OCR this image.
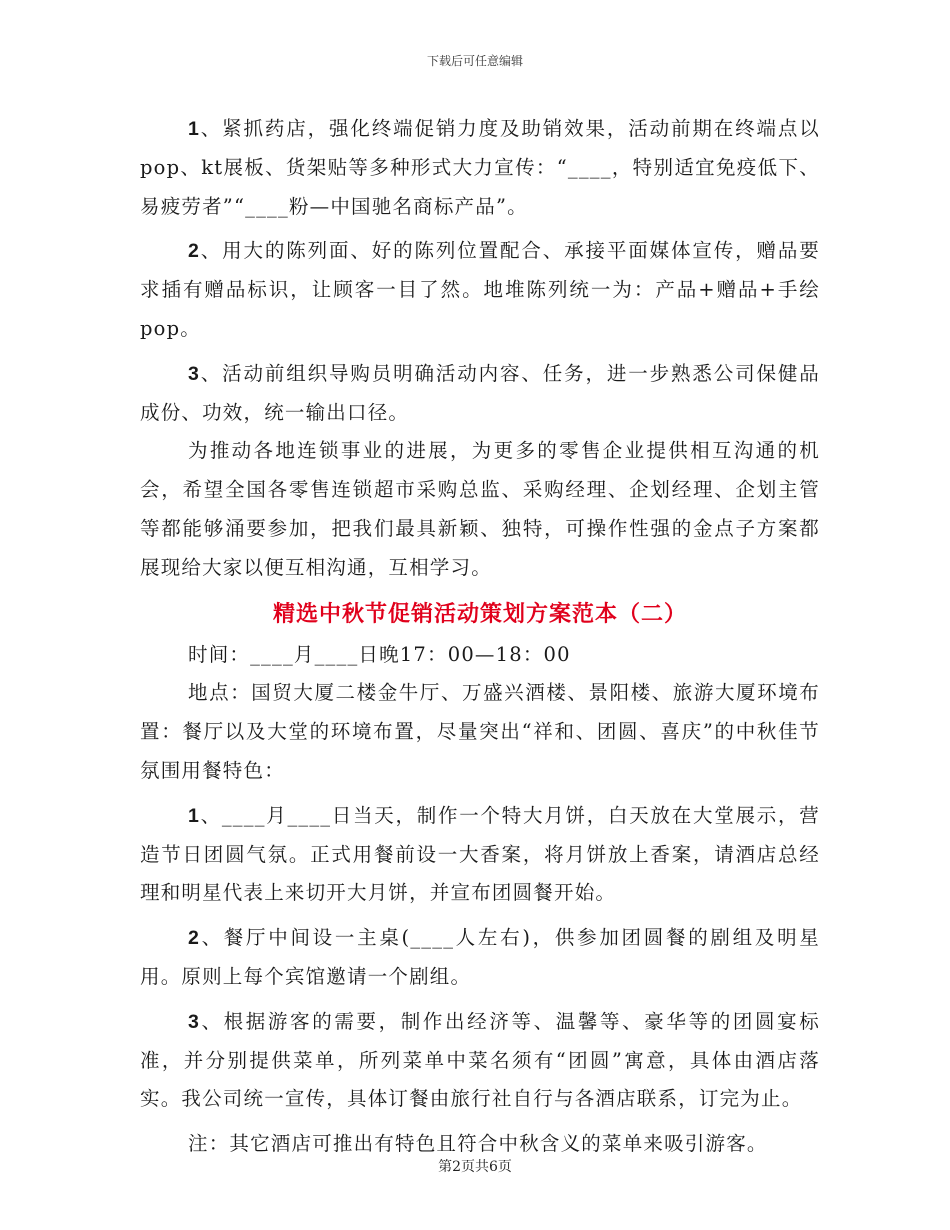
下载后可任意编辑

1、紧抓药店，强化终端促销力度及助销效果，活动前期在终端点以pop、kt展板、货架贴等多种形式大力宣传：“____，特别适宜免疫低下、易疲劳者”“____粉—中国驰名商标产品”。

2、用大的陈列面、好的陈列位置配合、承接平面媒体宣传，赠品要求插有赠品标识，让顾客一目了然。地堆陈列统一为：产品+赠品+手绘pop。

3、活动前组织导购员明确活动内容、任务，进一步熟悉公司保健品成份、功效，统一输出口径。

为推动各地连锁事业的进展，为更多的零售企业提供相互沟通的机会，希望全国各零售连锁超市采购总监、采购经理、企划经理、企划主管等都能够涌要参加，把我们最具新颖、独特，可操作性强的金点子方案都展现给大家以便互相沟通，互相学习。

精选中秋节促销活动策划方案范本（二）

时间：____月____日晚17：00—18：00

地点：国贸大厦二楼金牛厅、万盛兴酒楼、景阳楼、旅游大厦环境布置：餐厅以及大堂的环境布置，尽量突出“祥和、团圆、喜庆”的中秋佳节氛围用餐特色：

1、____月____日当天，制作一个特大月饼，白天放在大堂展示，营造节日团圆气氛。正式用餐前设一大香案，将月饼放上香案，请酒店总经理和明星代表上来切开大月饼，并宣布团圆餐开始。

2、餐厅中间设一主桌(____人左右)，供参加团圆餐的剧组及明星用。原则上每个宾馆邀请一个剧组。

3、根据游客的需要，制作出经济等、温馨等、豪华等的团圆宴标准，并分别提供菜单，所列菜单中菜名须有“团圆”寓意，具体由酒店落实。我公司统一宣传，具体订餐由旅行社自行与各酒店联系，订完为止。

注：其它酒店可推出有特色且符合中秋含义的菜单来吸引游客。

第2页共6页
